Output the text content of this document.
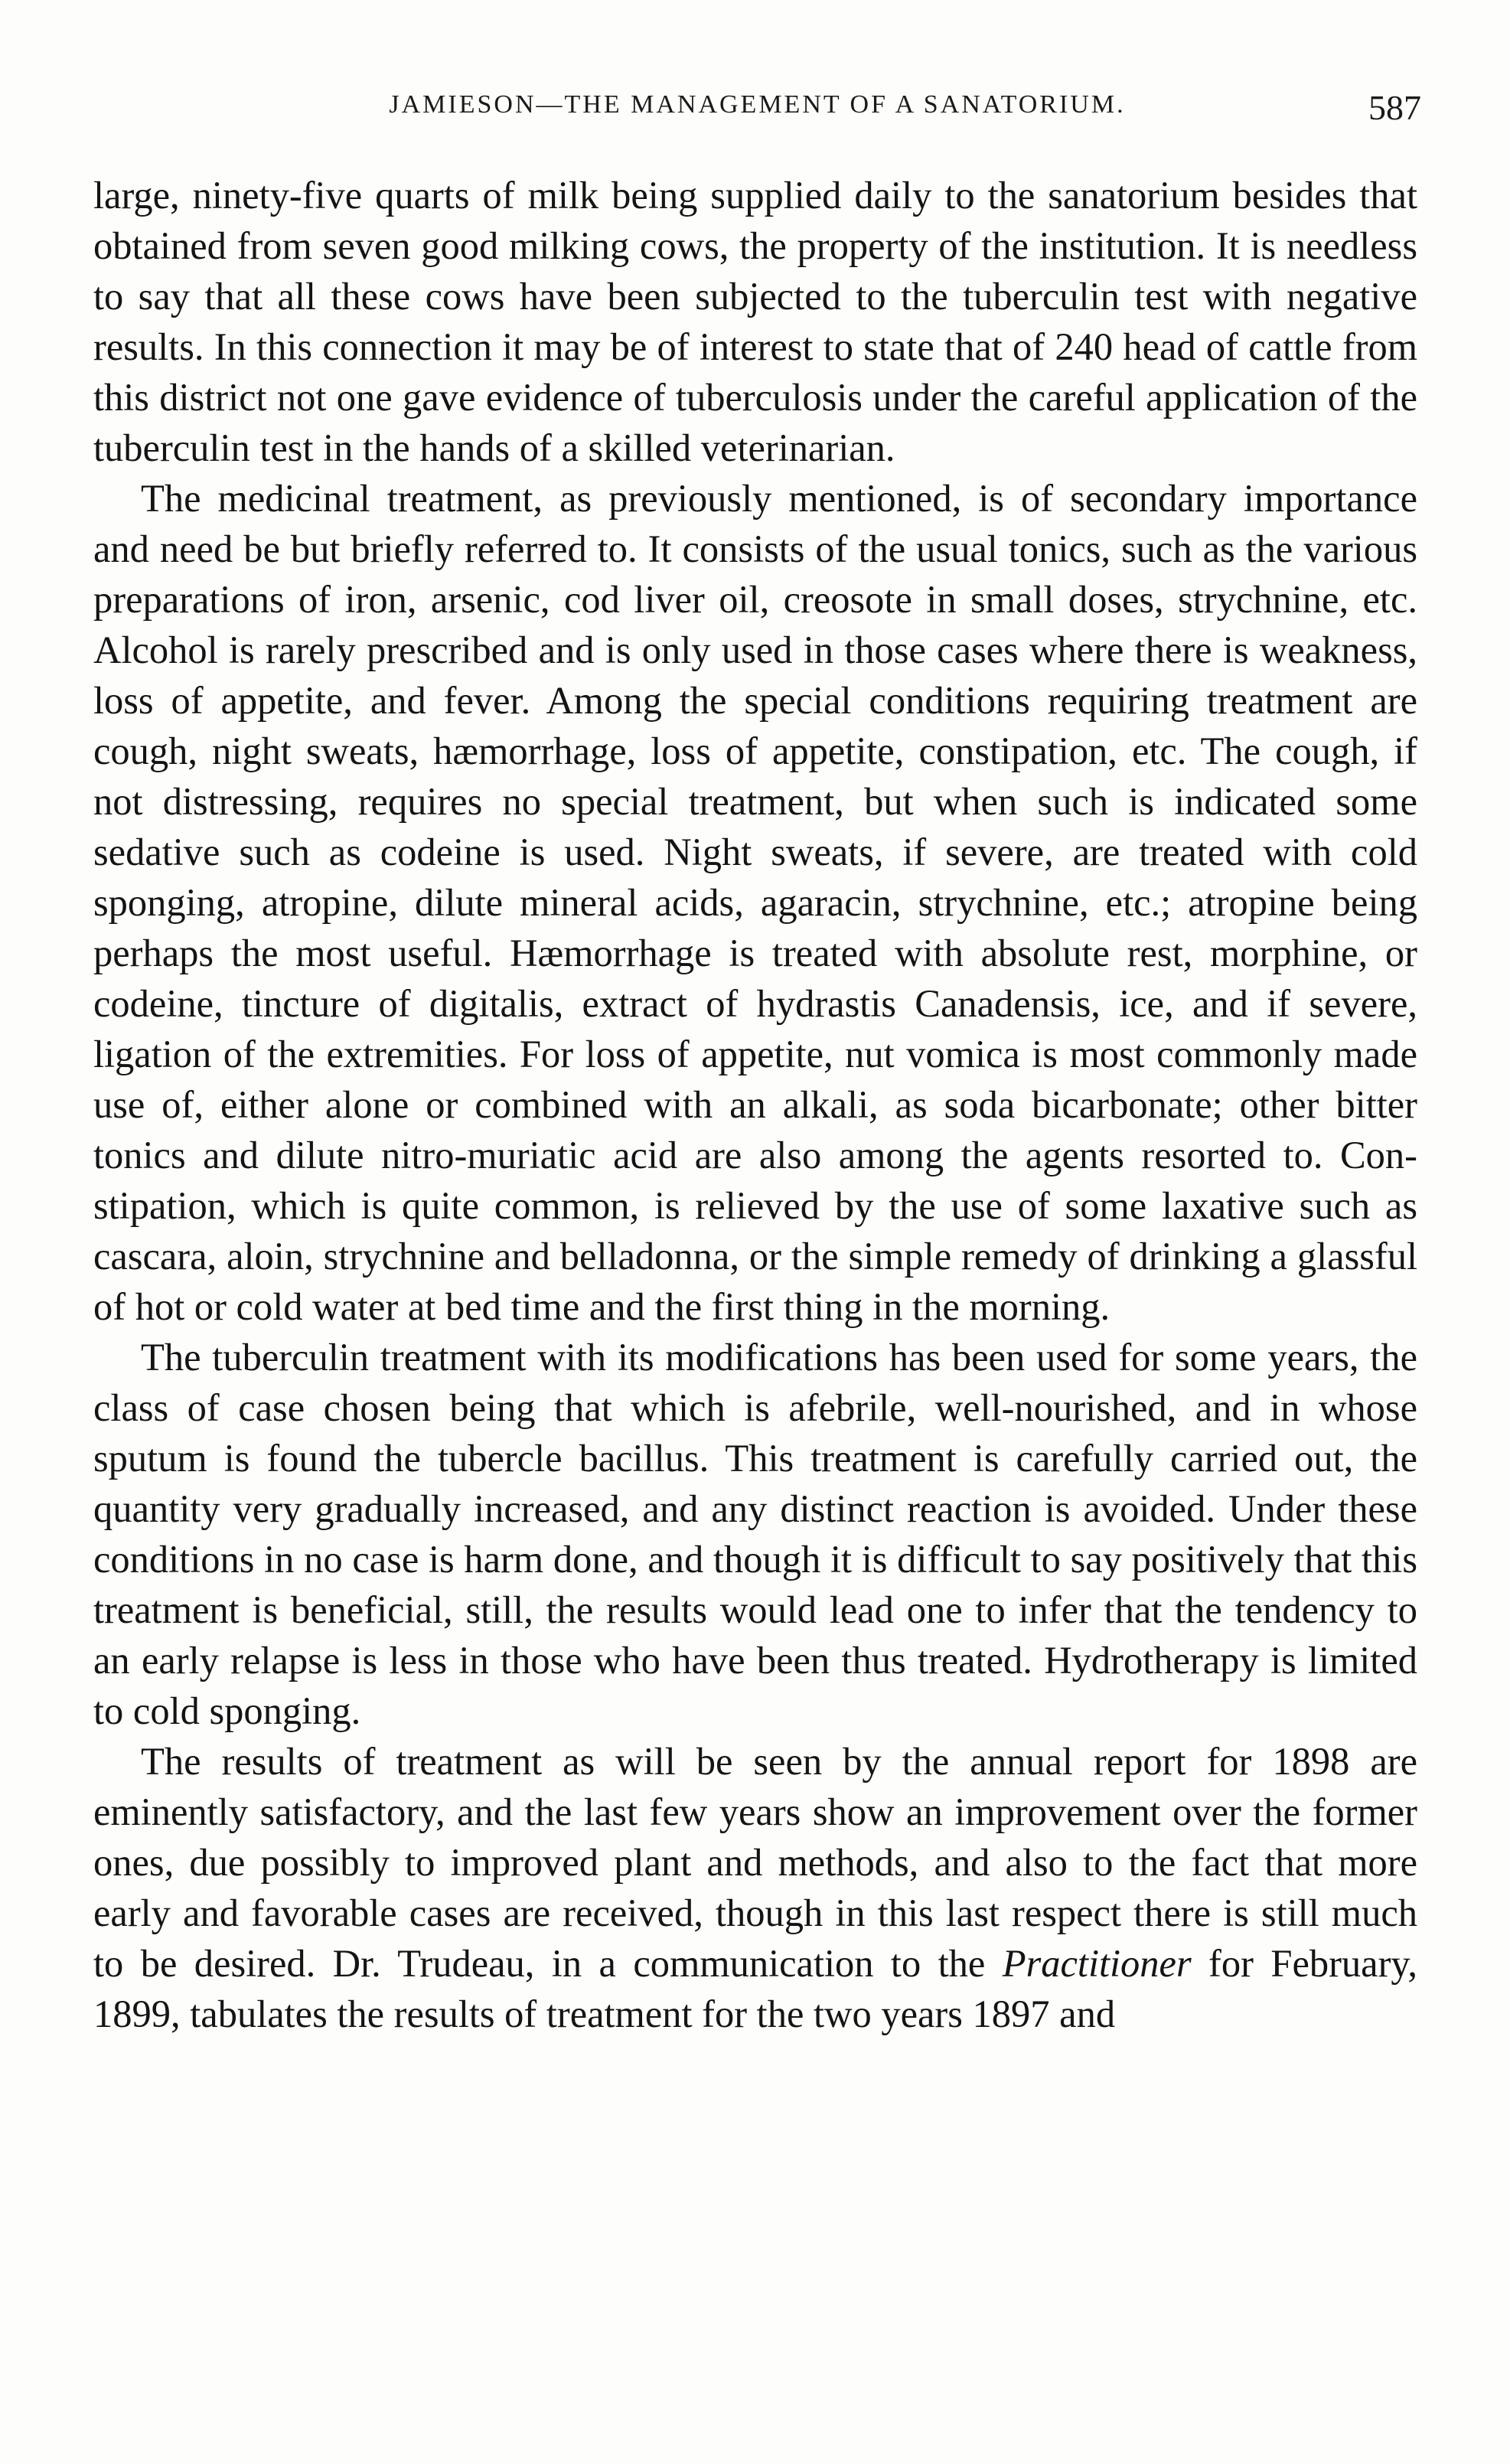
JAMIESON—THE MANAGEMENT OF A SANATORIUM.	587

large, ninety-five quarts of milk being supplied daily to the sanatorium besides that obtained from seven good milking cows, the property of the institution. It is needless to say that all these cows have been subjected to the tuberculin test with negative results. In this connection it may be of interest to state that of 240 head of cattle from this district not one gave evidence of tuberculosis under the careful application of the tuberculin test in the hands of a skilled veterinarian.

The medicinal treatment, as previously mentioned, is of secondary importance and need be but briefly referred to. It consists of the usual tonics, such as the various preparations of iron, arsenic, cod liver oil, creosote in small doses, strychnine, etc. Alcohol is rarely prescribed and is only used in those cases where there is weakness, loss of appetite, and fever. Among the special conditions requiring treatment are cough, night sweats, hæmorrhage, loss of appetite, constipation, etc. The cough, if not distressing, requires no special treatment, but when such is indicated some sedative such as codeine is used. Night sweats, if severe, are treated with cold sponging, atropine, dilute mineral acids, agaracin, strychnine, etc.; atropine being perhaps the most useful. Hæmorrhage is treated with absolute rest, morphine, or codeine, tincture of digitalis, extract of hydrastis Canadensis, ice, and if severe, ligation of the extremities. For loss of appetite, nut vomica is most commonly made use of, either alone or combined with an alkali, as soda bicarbonate; other bitter tonics and dilute nitro-muriatic acid are also among the agents resorted to. Constipation, which is quite common, is relieved by the use of some laxative such as cascara, aloin, strychnine and belladonna, or the simple remedy of drinking a glassful of hot or cold water at bed time and the first thing in the morning.

The tuberculin treatment with its modifications has been used for some years, the class of case chosen being that which is afebrile, well-nourished, and in whose sputum is found the tubercle bacillus. This treatment is carefully carried out, the quantity very gradually increased, and any distinct reaction is avoided. Under these conditions in no case is harm done, and though it is difficult to say positively that this treatment is beneficial, still, the results would lead one to infer that the tendency to an early relapse is less in those who have been thus treated. Hydrotherapy is limited to cold sponging.

The results of treatment as will be seen by the annual report for 1898 are eminently satisfactory, and the last few years show an improvement over the former ones, due possibly to improved plant and methods, and also to the fact that more early and favorable cases are received, though in this last respect there is still much to be desired. Dr. Trudeau, in a communication to the Practitioner for February, 1899, tabulates the results of treatment for the two years 1897 and
